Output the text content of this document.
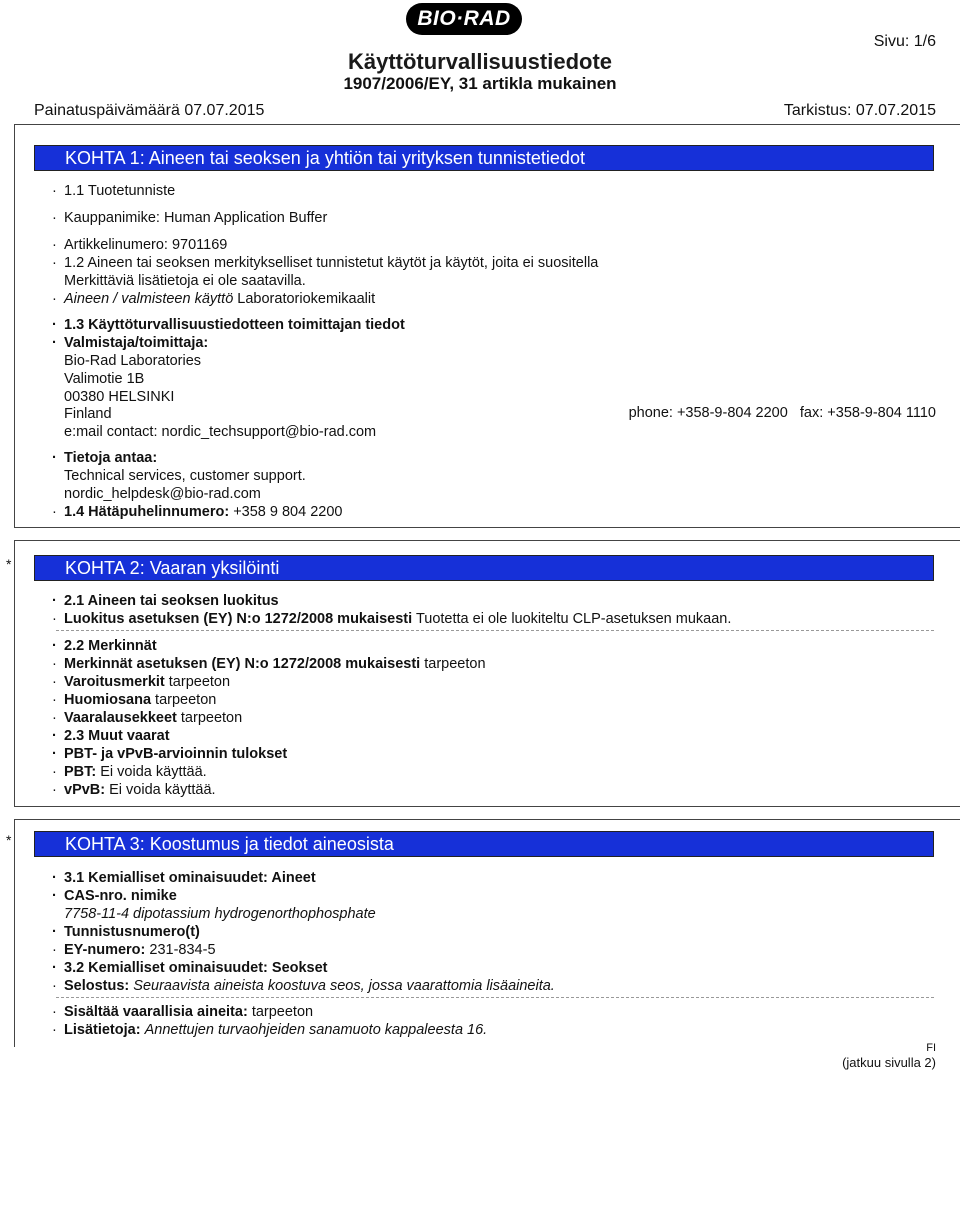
BIO·RAD
Sivu: 1/6
Käyttöturvallisuustiedote
1907/2006/EY, 31 artikla mukainen
Painatuspäivämäärä 07.07.2015	Tarkistus: 07.07.2015
KOHTA 1: Aineen tai seoksen ja yhtiön tai yrityksen tunnistetiedot
· 1.1 Tuotetunniste
· Kauppanimike: Human Application Buffer
· Artikkelinumero: 9701169
· 1.2 Aineen tai seoksen merkitykselliset tunnistetut käytöt ja käytöt, joita ei suositella
Merkittäviä lisätietoja ei ole saatavilla.
· Aineen / valmisteen käyttö Laboratoriokemikaalit
· 1.3 Käyttöturvallisuustiedotteen toimittajan tiedot
· Valmistaja/toimittaja:
Bio-Rad Laboratories
Valimotie 1B
00380 HELSINKI
Finland	phone: +358-9-804 2200   fax: +358-9-804 1110
e:mail contact: nordic_techsupport@bio-rad.com
· Tietoja antaa:
Technical services, customer support.
nordic_helpdesk@bio-rad.com
· 1.4 Hätäpuhelinnumero: +358 9 804 2200
*	KOHTA 2: Vaaran yksilöinti
· 2.1 Aineen tai seoksen luokitus
· Luokitus asetuksen (EY) N:o 1272/2008 mukaisesti Tuotetta ei ole luokiteltu CLP-asetuksen mukaan.
· 2.2 Merkinnät
· Merkinnät asetuksen (EY) N:o 1272/2008 mukaisesti tarpeeton
· Varoitusmerkit tarpeeton
· Huomiosana tarpeeton
· Vaaralausekkeet tarpeeton
· 2.3 Muut vaarat
· PBT- ja vPvB-arvioinnin tulokset
· PBT: Ei voida käyttää.
· vPvB: Ei voida käyttää.
*	KOHTA 3: Koostumus ja tiedot aineosista
· 3.1 Kemialliset ominaisuudet: Aineet
· CAS-nro. nimike
7758-11-4 dipotassium hydrogenorthophosphate
· Tunnistusnumero(t)
· EY-numero: 231-834-5
· 3.2 Kemialliset ominaisuudet: Seokset
· Selostus: Seuraavista aineista koostuva seos, jossa vaarattomia lisäaineita.
· Sisältää vaarallisia aineita: tarpeeton
· Lisätietoja: Annettujen turvaohjeiden sanamuoto kappaleesta 16.
FI
(jatkuu sivulla 2)
